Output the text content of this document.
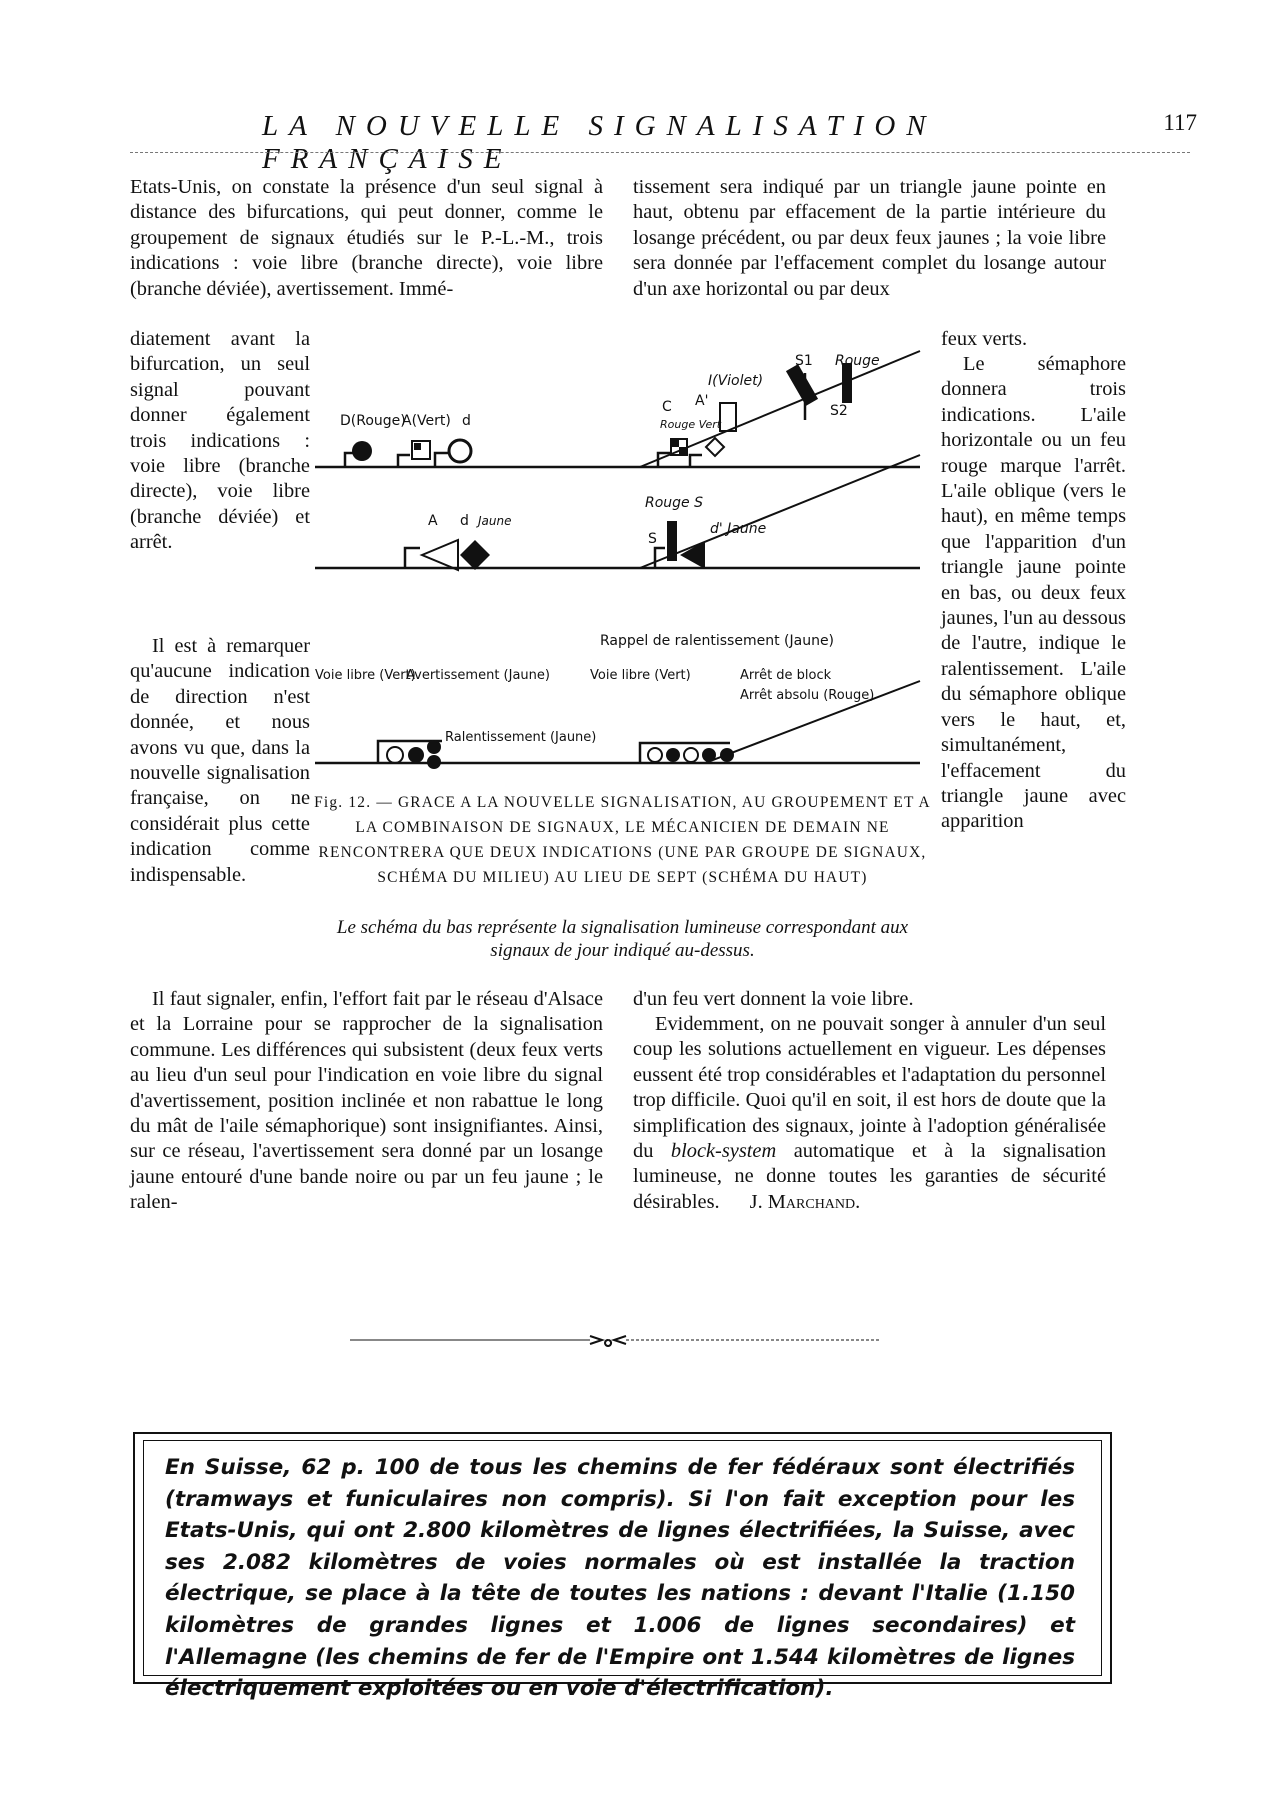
LA NOUVELLE SIGNALISATION FRANÇAISE
117

Etats-Unis, on constate la présence d'un seul signal à distance des bifurcations, qui peut donner, comme le groupement de signaux étudiés sur le P.-L.-M., trois indications : voie libre (branche directe), voie libre (branche déviée), avertissement. Immé-

diatement avant la bifurcation, un seul signal pouvant donner également trois indications : voie libre (branche directe), voie libre (branche déviée) et arrêt.

Il est à remarquer qu'aucune indication de direction n'est donnée, et nous avons vu que, dans la nouvelle signalisation française, on ne considérait plus cette indication comme indispensable.

Il faut signaler, enfin, l'effort fait par le réseau d'Alsace et la Lorraine pour se rapprocher de la signalisation commune. Les différences qui subsistent (deux feux verts au lieu d'un seul pour l'indication en voie libre du signal d'avertissement, position inclinée et non rabattue le long du mât de l'aile sémaphorique) sont insignifiantes. Ainsi, sur ce réseau, l'avertissement sera donné par un losange jaune entouré d'une bande noire ou par un feu jaune ; le ralen-

tissement sera indiqué par un triangle jaune pointe en haut, obtenu par effacement de la partie intérieure du losange précédent, ou par deux feux jaunes ; la voie libre sera donnée par l'effacement complet du losange autour d'un axe horizontal ou par deux

feux verts.

Le sémaphore donnera trois indications. L'aile horizontale ou un feu rouge marque l'arrêt. L'aile oblique (vers le haut), en même temps que l'apparition d'un triangle jaune pointe en bas, ou deux feux jaunes, l'un au dessous de l'autre, indique le ralentissement. L'aile du sémaphore oblique vers le haut, et, simultanément, l'effacement du triangle jaune avec apparition

d'un feu vert donnent la voie libre.

Evidemment, on ne pouvait songer à annuler d'un seul coup les solutions actuellement en vigueur. Les dépenses eussent été trop considérables et l'adaptation du personnel trop difficile. Quoi qu'il en soit, il est hors de doute que la simplification des signaux, jointe à l'adoption généralisée du block-system automatique et à la signalisation lumineuse, ne donne toutes les garanties de sécurité désirables. J. Marchand.

D(Rouge)
A(Vert) d
I(Violet)
C A'
Rouge Vert
S1 Rouge
S2
A d Jaune
Rouge S
S
d' Jaune
Rappel de ralentissement (Jaune)
Voie libre (Vert)
Avertissement (Jaune)
Ralentissement (Jaune)
Voie libre (Vert)	Arrêt de block
Arrêt absolu (Rouge)
Fig. 12. — GRACE A LA NOUVELLE SIGNALISATION, AU GROUPEMENT ET A LA COMBINAISON DE SIGNAUX, LE MÉCANICIEN DE DEMAIN NE RENCONTRERA QUE DEUX INDICATIONS (UNE PAR GROUPE DE SIGNAUX, SCHÉMA DU MILIEU) AU LIEU DE SEPT (SCHÉMA DU HAUT)
Le schéma du bas représente la signalisation lumineuse correspondant aux signaux de jour indiqué au-dessus.
En Suisse, 62 p. 100 de tous les chemins de fer fédéraux sont électrifiés (tramways et funiculaires non compris). Si l'on fait exception pour les Etats-Unis, qui ont 2.800 kilomètres de lignes électrifiées, la Suisse, avec ses 2.082 kilomètres de voies normales où est installée la traction électrique, se place à la tête de toutes les nations : devant l'Italie (1.150 kilomètres de grandes lignes et 1.006 de lignes secondaires) et l'Allemagne (les chemins de fer de l'Empire ont 1.544 kilomètres de lignes électriquement exploitées ou en voie d'électrification).
